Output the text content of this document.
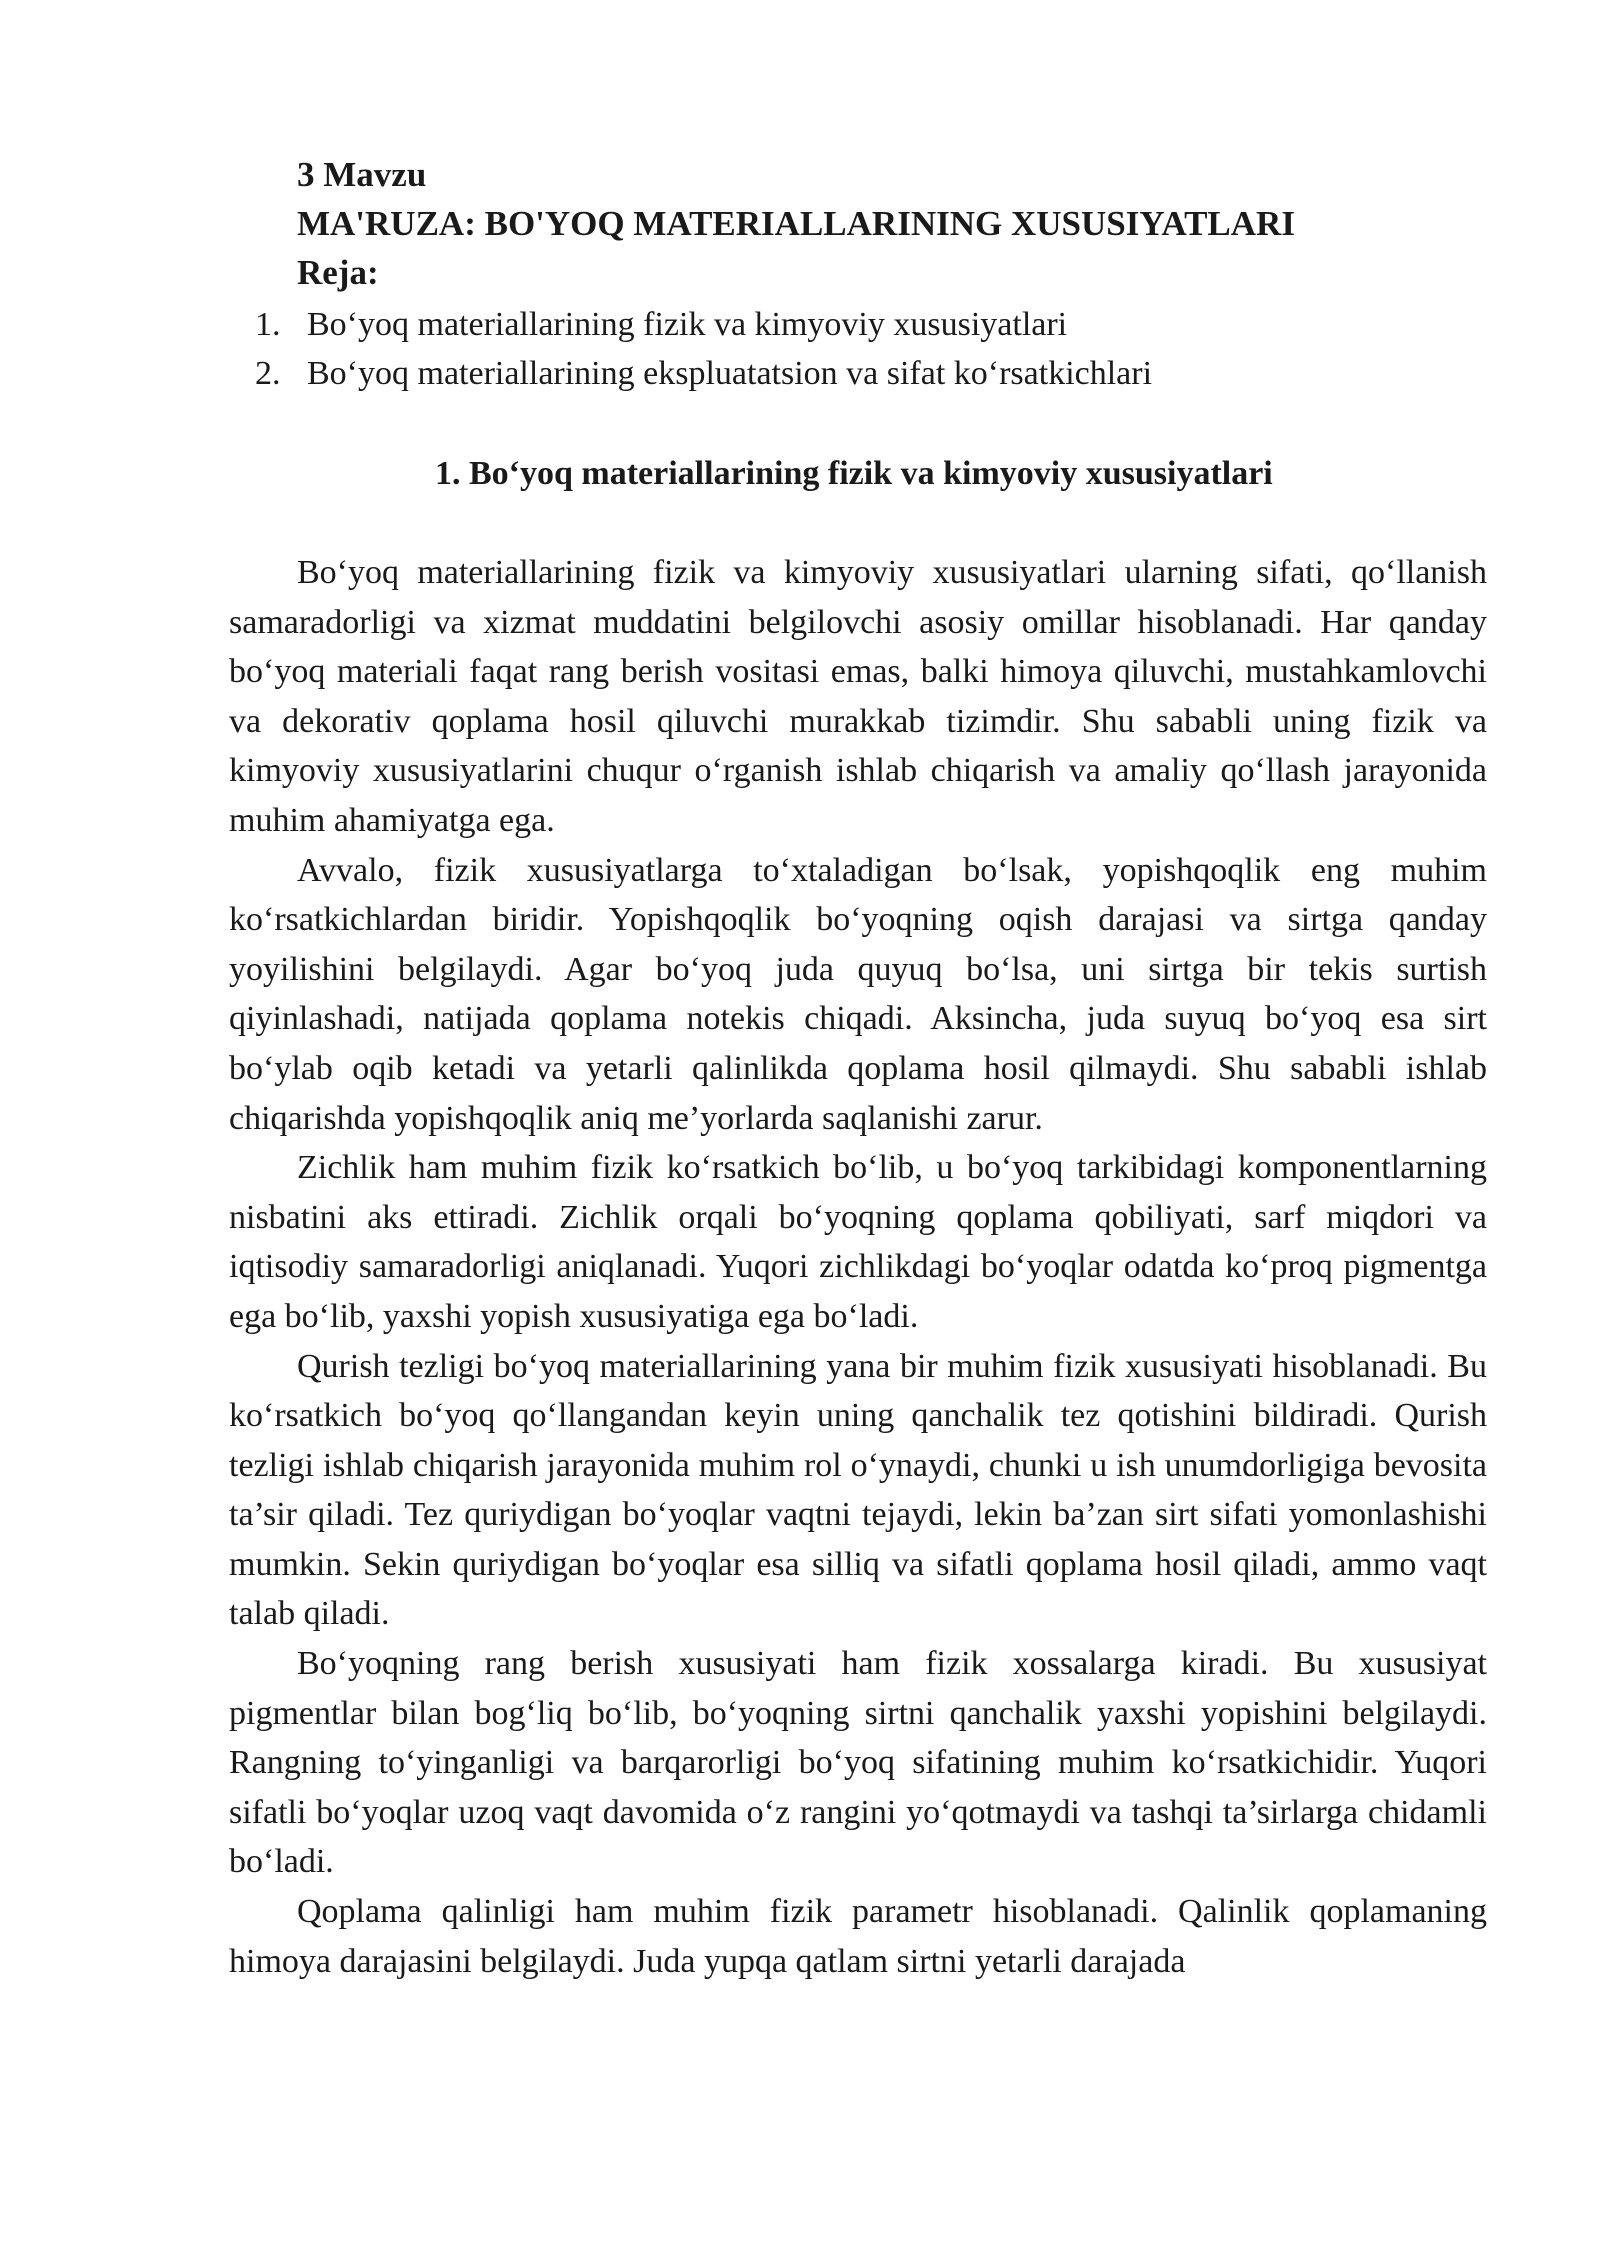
3 Mavzu
MA'RUZA: BO'YOQ MATERIALLARINING XUSUSIYATLARI
Reja:
1. Bo‘yoq materiallarining fizik va kimyoviy xususiyatlari
2. Bo‘yoq materiallarining ekspluatatsion va sifat ko‘rsatkichlari
1. Bo‘yoq materiallarining fizik va kimyoviy xususiyatlari

Bo‘yoq materiallarining fizik va kimyoviy xususiyatlari ularning sifati, qo‘llanish samaradorligi va xizmat muddatini belgilovchi asosiy omillar hisoblanadi. Har qanday bo‘yoq materiali faqat rang berish vositasi emas, balki himoya qiluvchi, mustahkamlovchi va dekorativ qoplama hosil qiluvchi murakkab tizimdir. Shu sababli uning fizik va kimyoviy xususiyatlarini chuqur o‘rganish ishlab chiqarish va amaliy qo‘llash jarayonida muhim ahamiyatga ega.

Avvalo, fizik xususiyatlarga to‘xtaladigan bo‘lsak, yopishqoqlik eng muhim ko‘rsatkichlardan biridir. Yopishqoqlik bo‘yoqning oqish darajasi va sirtga qanday yoyilishini belgilaydi. Agar bo‘yoq juda quyuq bo‘lsa, uni sirtga bir tekis surtish qiyinlashadi, natijada qoplama notekis chiqadi. Aksincha, juda suyuq bo‘yoq esa sirt bo‘ylab oqib ketadi va yetarli qalinlikda qoplama hosil qilmaydi. Shu sababli ishlab chiqarishda yopishqoqlik aniq me’yorlarda saqlanishi zarur.

Zichlik ham muhim fizik ko‘rsatkich bo‘lib, u bo‘yoq tarkibidagi komponentlarning nisbatini aks ettiradi. Zichlik orqali bo‘yoqning qoplama qobiliyati, sarf miqdori va iqtisodiy samaradorligi aniqlanadi. Yuqori zichlikdagi bo‘yoqlar odatda ko‘proq pigmentga ega bo‘lib, yaxshi yopish xususiyatiga ega bo‘ladi.

Qurish tezligi bo‘yoq materiallarining yana bir muhim fizik xususiyati hisoblanadi. Bu ko‘rsatkich bo‘yoq qo‘llangandan keyin uning qanchalik tez qotishini bildiradi. Qurish tezligi ishlab chiqarish jarayonida muhim rol o‘ynaydi, chunki u ish unumdorligiga bevosita ta’sir qiladi. Tez quriydigan bo‘yoqlar vaqtni tejaydi, lekin ba’zan sirt sifati yomonlashishi mumkin. Sekin quriydigan bo‘yoqlar esa silliq va sifatli qoplama hosil qiladi, ammo vaqt talab qiladi.

Bo‘yoqning rang berish xususiyati ham fizik xossalarga kiradi. Bu xususiyat pigmentlar bilan bog‘liq bo‘lib, bo‘yoqning sirtni qanchalik yaxshi yopishini belgilaydi. Rangning to‘yinganligi va barqarorligi bo‘yoq sifatining muhim ko‘rsatkichidir. Yuqori sifatli bo‘yoqlar uzoq vaqt davomida o‘z rangini yo‘qotmaydi va tashqi ta’sirlarga chidamli bo‘ladi.

Qoplama qalinligi ham muhim fizik parametr hisoblanadi. Qalinlik qoplamaning himoya darajasini belgilaydi. Juda yupqa qatlam sirtni yetarli darajada
